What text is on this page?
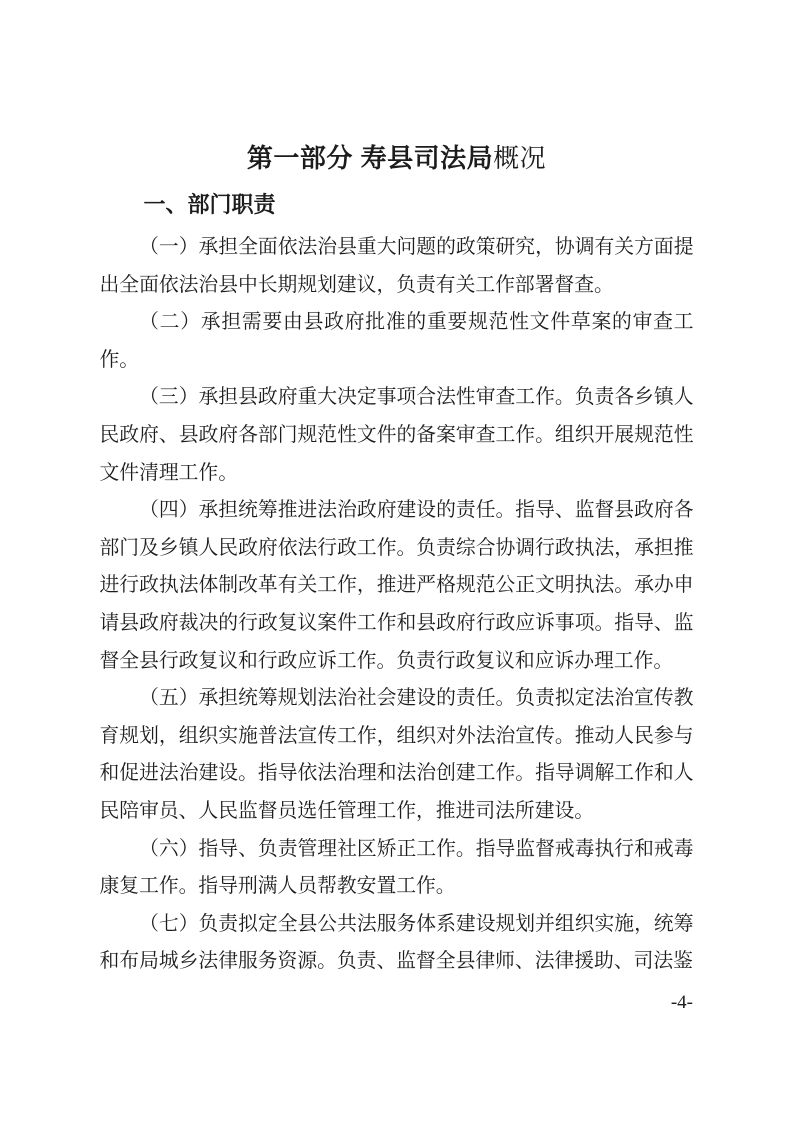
第一部分 寿县司法局概况
一、部门职责

（一）承担全面依法治县重大问题的政策研究，协调有关方面提出全面依法治县中长期规划建议，负责有关工作部署督查。

（二）承担需要由县政府批准的重要规范性文件草案的审查工作。

（三）承担县政府重大决定事项合法性审查工作。负责各乡镇人民政府、县政府各部门规范性文件的备案审查工作。组织开展规范性文件清理工作。

（四）承担统筹推进法治政府建设的责任。指导、监督县政府各部门及乡镇人民政府依法行政工作。负责综合协调行政执法，承担推进行政执法体制改革有关工作，推进严格规范公正文明执法。承办申请县政府裁决的行政复议案件工作和县政府行政应诉事项。指导、监督全县行政复议和行政应诉工作。负责行政复议和应诉办理工作。

（五）承担统筹规划法治社会建设的责任。负责拟定法治宣传教育规划，组织实施普法宣传工作，组织对外法治宣传。推动人民参与和促进法治建设。指导依法治理和法治创建工作。指导调解工作和人民陪审员、人民监督员选任管理工作，推进司法所建设。

（六）指导、负责管理社区矫正工作。指导监督戒毒执行和戒毒康复工作。指导刑满人员帮教安置工作。

（七）负责拟定全县公共法服务体系建设规划并组织实施，统筹和布局城乡法律服务资源。负责、监督全县律师、法律援助、司法鉴

-4-
